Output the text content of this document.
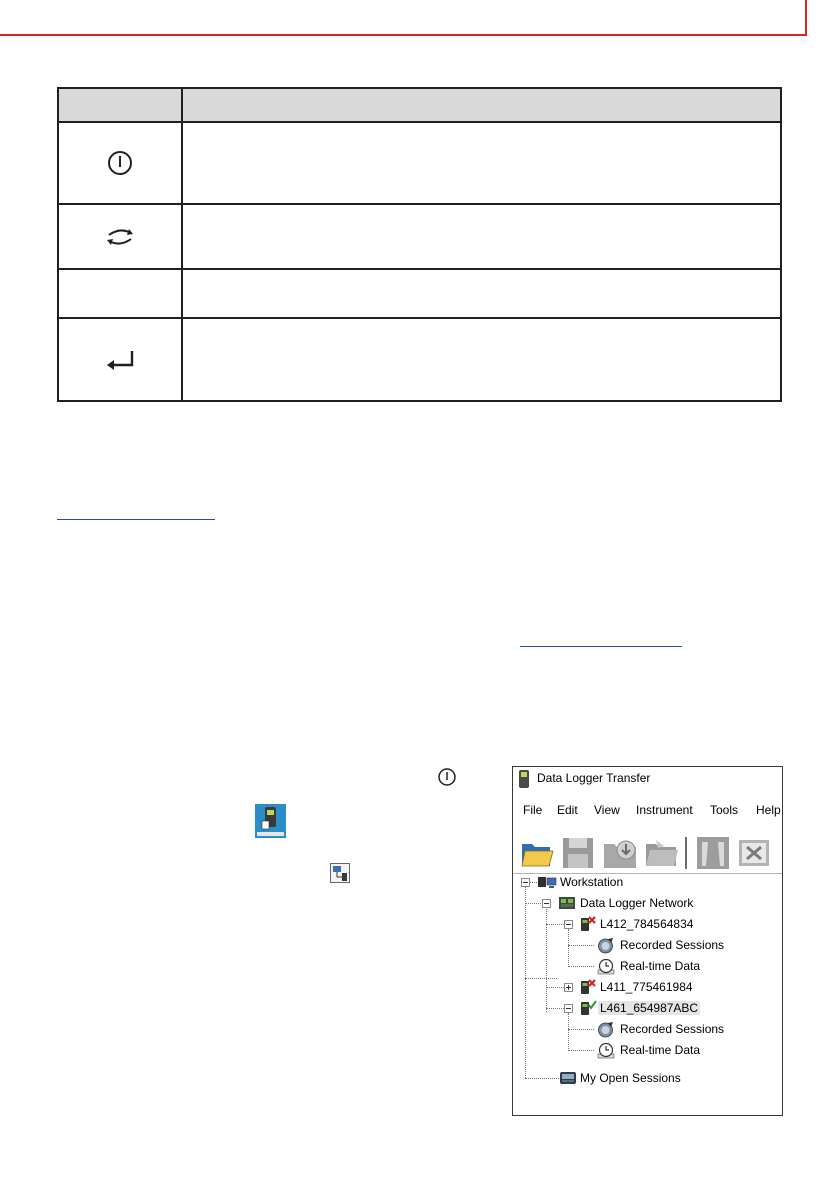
Data Logger Transfer
File Edit View Instrument Tools Help
Workstation
Data Logger Network
L412_784564834
Recorded Sessions
Real-time Data
L411_775461984
L461_654987ABC
Recorded Sessions
Real-time Data
My Open Sessions
